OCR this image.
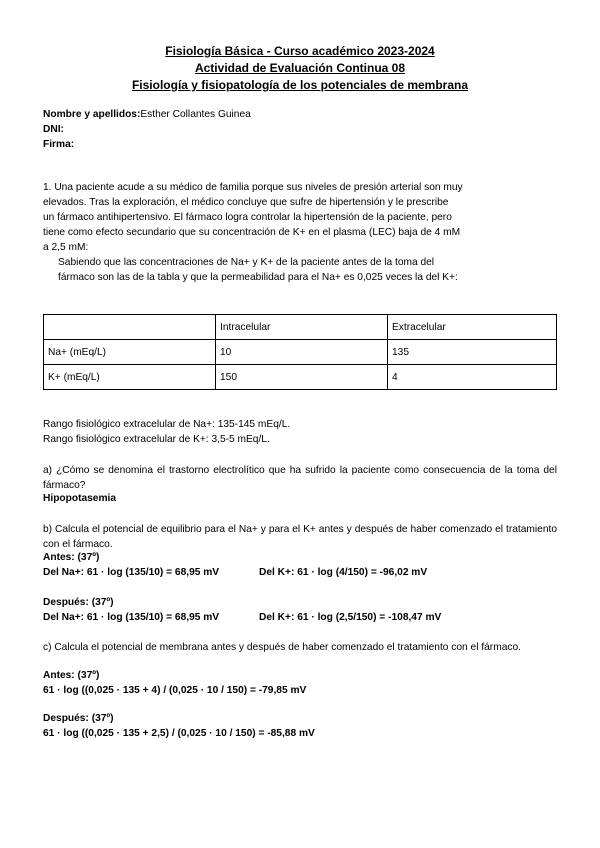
Fisiología Básica - Curso académico 2023-2024
Actividad de Evaluación Continua 08
Fisiología y fisiopatología de los potenciales de membrana
Nombre y apellidos:Esther Collantes Guinea
DNI:
Firma:
1. Una paciente acude a su médico de familia porque sus niveles de presión arterial son muy
elevados. Tras la exploración, el médico concluye que sufre de hipertensión y le prescribe
un fármaco antihipertensivo. El fármaco logra controlar la hipertensión de la paciente, pero
tiene como efecto secundario que su concentración de K+ en el plasma (LEC) baja de 4 mM
a 2,5 mM:
Sabiendo que las concentraciones de Na+ y K+ de la paciente antes de la toma del
fármaco son las de la tabla y que la permeabilidad para el Na+ es 0,025 veces la del K+:
	Intracelular	Extracelular
Na+ (mEq/L)	10	135
K+ (mEq/L)	150	4
Rango fisiológico extracelular de Na+: 135-145 mEq/L.
Rango fisiológico extracelular de K+: 3,5-5 mEq/L.
a) ¿Cómo se denomina el trastorno electrolítico que ha sufrido la paciente como consecuencia de la toma del fármaco?
Hipopotasemia
b) Calcula el potencial de equilibrio para el Na+ y para el K+ antes y después de haber comenzado el tratamiento con el fármaco.
Antes: (37º)
Del Na+: 61 · log (135/10) = 68,95 mV	Del K+: 61 · log (4/150) = -96,02 mV
Después: (37º)
Del Na+: 61 · log (135/10) = 68,95 mV	Del K+: 61 · log (2,5/150) = -108,47 mV
c) Calcula el potencial de membrana antes y después de haber comenzado el tratamiento con el fármaco.
Antes: (37º)
61 · log ((0,025 · 135 + 4) / (0,025 · 10 / 150) = -79,85 mV
Después: (37º)
61 · log ((0,025 · 135 + 2,5) / (0,025 · 10 / 150) = -85,88 mV
